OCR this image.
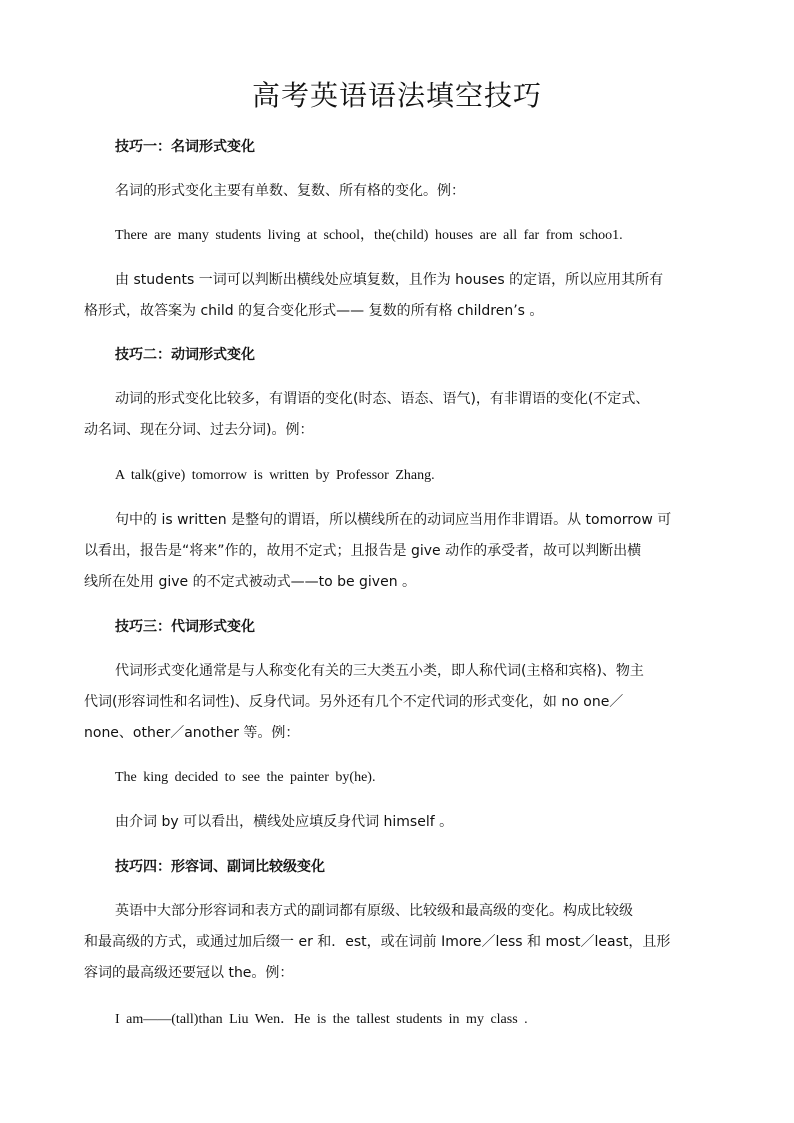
高考英语语法填空技巧
技巧一：名词形式变化
名词的形式变化主要有单数、复数、所有格的变化。例：
There are many students living at school，the(child) houses are all far from schoo1.
由 students 一词可以判断出横线处应填复数，且作为 houses 的定语，所以应用其所有
格形式，故答案为 child 的复合变化形式—— 复数的所有格 children’s 。
技巧二：动词形式变化
动词的形式变化比较多，有谓语的变化(时态、语态、语气)，有非谓语的变化(不定式、
动名词、现在分词、过去分词)。例：
A talk(give) tomorrow is written by Professor Zhang.
句中的 is written 是整句的谓语，所以横线所在的动词应当用作非谓语。从 tomorrow 可
以看出，报告是“将来”作的，故用不定式；且报告是 give 动作的承受者，故可以判断出横
线所在处用 give 的不定式被动式——to be given 。
技巧三：代词形式变化
代词形式变化通常是与人称变化有关的三大类五小类，即人称代词(主格和宾格)、物主
代词(形容词性和名词性)、反身代词。另外还有几个不定代词的形式变化，如 no one／
none、other／another 等。例：
The king decided to see the painter by(he).
由介词 by 可以看出，横线处应填反身代词 himself 。
技巧四：形容词、副词比较级变化
英语中大部分形容词和表方式的副词都有原级、比较级和最高级的变化。构成比较级
和最高级的方式，或通过加后缀一 er 和．est，或在词前 Imore／less 和 most／least，且形
容词的最高级还要冠以 the。例：
I am——(tall)than Liu Wen．He is the tallest students in my class .
